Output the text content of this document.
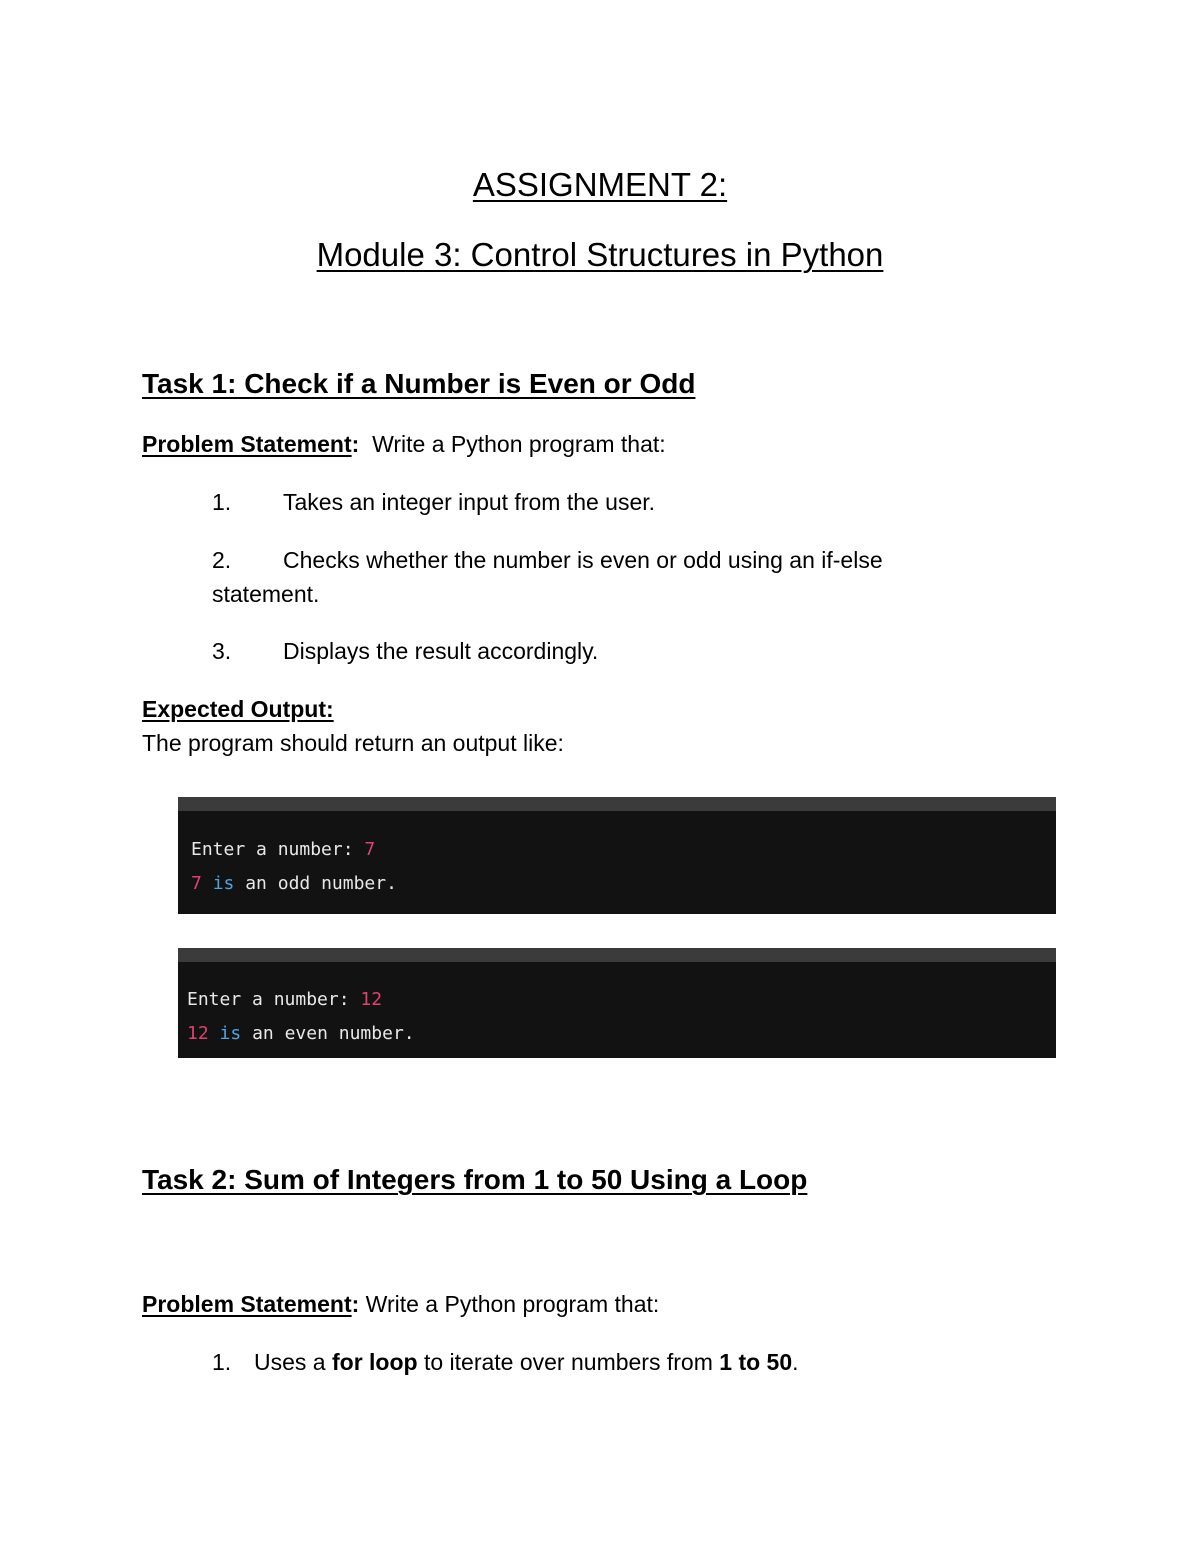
ASSIGNMENT 2:
Module 3: Control Structures in Python
Task 1: Check if a Number is Even or Odd
Problem Statement: Write a Python program that:
1. Takes an integer input from the user.
2. Checks whether the number is even or odd using an if-else
statement.
3. Displays the result accordingly.
Expected Output:
The program should return an output like:
Enter a number: 7
7 is an odd number.
Enter a number: 12
12 is an even number.
Task 2: Sum of Integers from 1 to 50 Using a Loop
Problem Statement: Write a Python program that:
1. Uses a for loop to iterate over numbers from 1 to 50.
